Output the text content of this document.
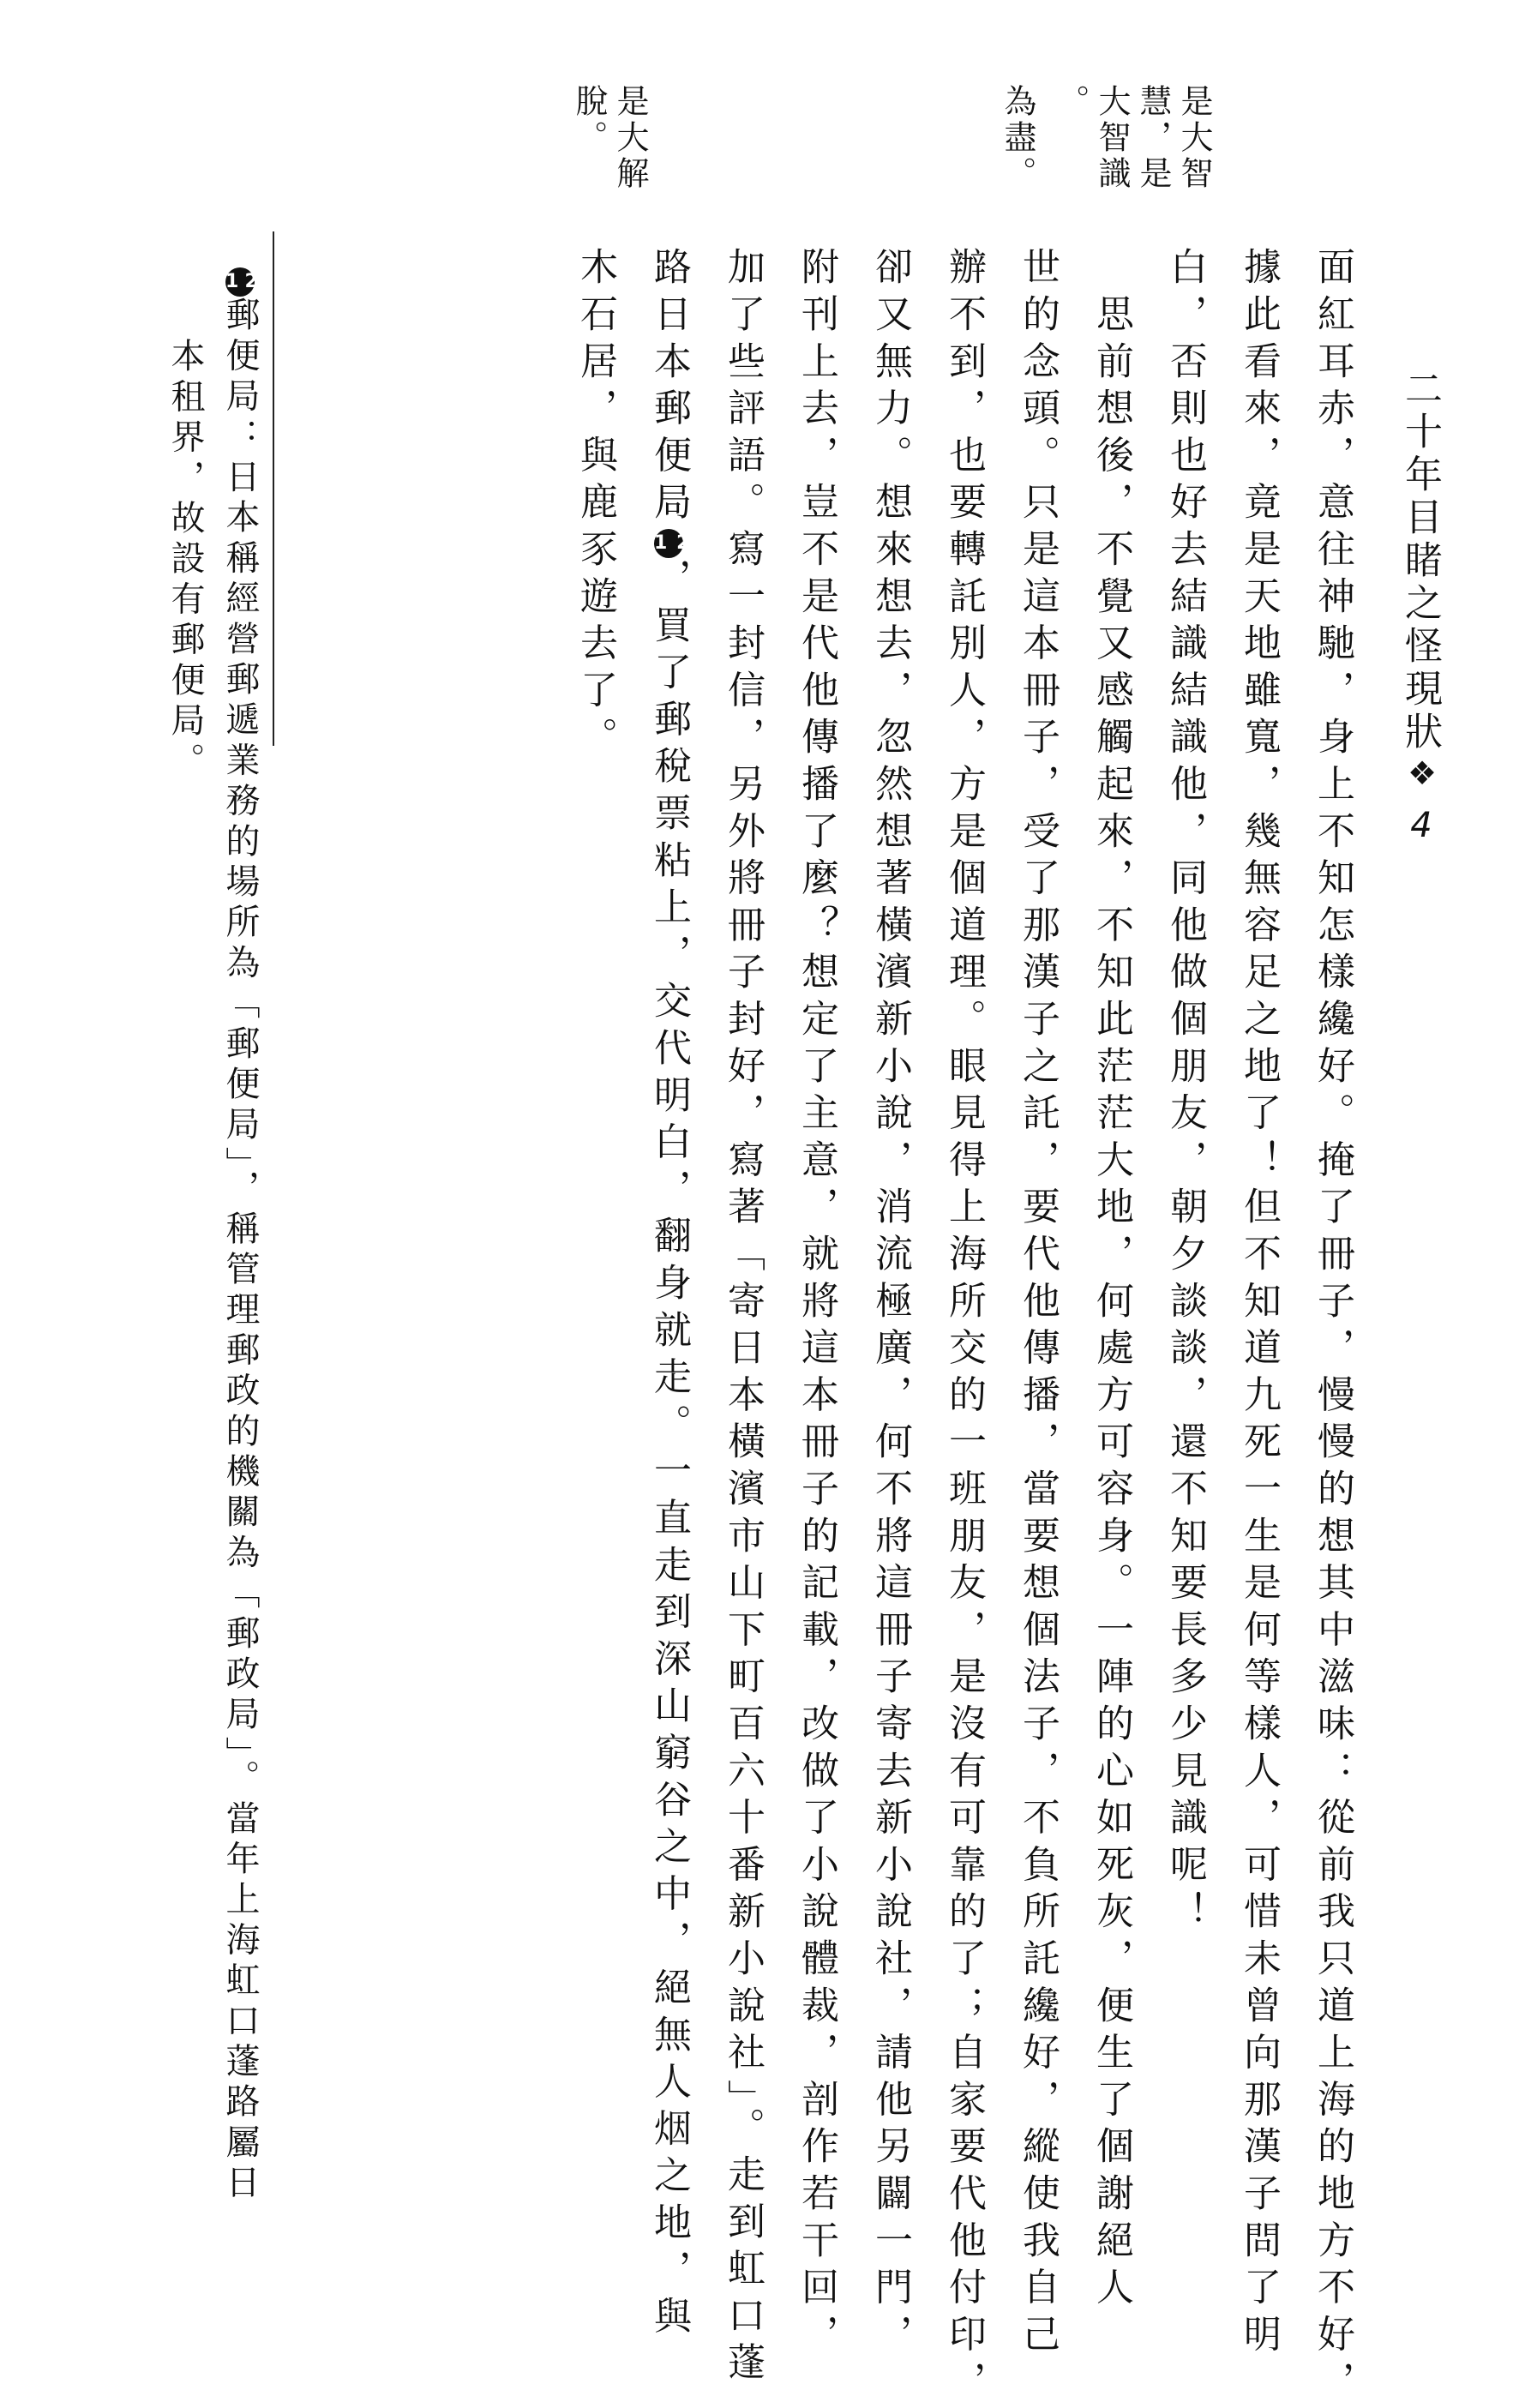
二十年目睹之怪現狀
❖
4
面紅耳赤，意往神馳，身上不知怎樣纔好。掩了冊子，慢慢的想其中滋味：從前我只道上海的地方不好，
據此看來，竟是天地雖寬，幾無容足之地了！但不知道九死一生是何等樣人，可惜未曾向那漢子問了明
白，否則也好去結識結識他，同他做個朋友，朝夕談談，還不知要長多少見識呢！
　思前想後，不覺又感觸起來，不知此茫茫大地，何處方可容身。一陣的心如死灰，便生了個謝絕人
世的念頭。只是這本冊子，受了那漢子之託，要代他傳播，當要想個法子，不負所託纔好，縱使我自己
辦不到，也要轉託別人，方是個道理。眼見得上海所交的一班朋友，是沒有可靠的了；自家要代他付印，
卻又無力。想來想去，忽然想著橫濱新小說，消流極廣，何不將這冊子寄去新小說社，請他另闢一門，
附刊上去，豈不是代他傳播了麼？想定了主意，就將這本冊子的記載，改做了小說體裁，剖作若干回，
加了些評語。寫一封信，另外將冊子封好，寫著「寄日本橫濱市山下町百六十番新小說社」。走到虹口蓬
路日本郵便局12，買了郵稅票粘上，交代明白，翻身就走。一直走到深山窮谷之中，絕無人烟之地，與
木石居，與鹿豕遊去了。
是大智
慧，是
大智識
。
為盡。
是大解
脫。
12郵便局：日本稱經營郵遞業務的場所為「郵便局」，稱管理郵政的機關為「郵政局」。當年上海虹口蓬路屬日
本租界，故設有郵便局。
